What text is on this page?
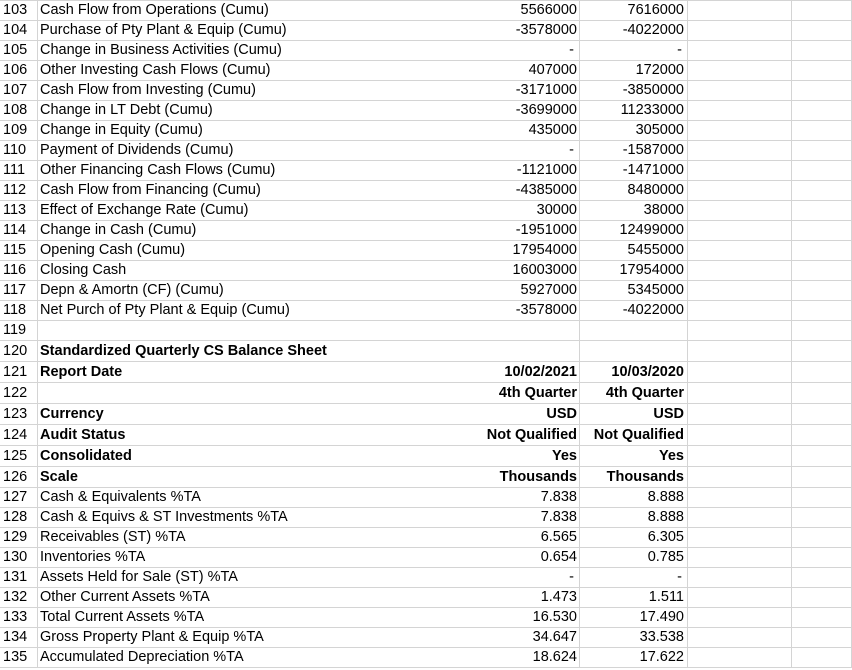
103 Cash Flow from Operations (Cumu)	5566000	7616000
104 Purchase of Pty Plant & Equip (Cumu)	-3578000	-4022000
105 Change in Business Activities (Cumu)	-	-
106 Other Investing Cash Flows (Cumu)	407000	172000
107 Cash Flow from Investing (Cumu)	-3171000	-3850000
108 Change in LT Debt (Cumu)	-3699000	11233000
109 Change in Equity (Cumu)	435000	305000
110 Payment of Dividends (Cumu)	-	-1587000
111	Other Financing Cash Flows (Cumu)	-1121000	-1471000
112 Cash Flow from Financing (Cumu)	-4385000	8480000
113 Effect of Exchange Rate (Cumu)	30000	38000
114 Change in Cash (Cumu)	-1951000	12499000
115 Opening Cash (Cumu)	17954000	5455000
116 Closing Cash	16003000	17954000
117 Depn & Amortn (CF) (Cumu)	5927000	5345000
118 Net Purch of Pty Plant & Equip (Cumu)	-3578000	-4022000
119
120 Standardized Quarterly CS Balance Sheet
121 Report Date	10/02/2021	10/03/2020
122	4th Quarter	4th Quarter
123 Currency	USD	USD
124 Audit Status	Not Qualified	Not Qualified
125 Consolidated	Yes	Yes
126 Scale	Thousands	Thousands
127 Cash & Equivalents %TA	7.838	8.888
128 Cash & Equivs & ST Investments %TA	7.838	8.888
129 Receivables (ST) %TA	6.565	6.305
130 Inventories %TA	0.654	0.785
131 Assets Held for Sale (ST) %TA	-	-
132 Other Current Assets %TA	1.473	1.511
133 Total Current Assets %TA	16.530	17.490
134 Gross Property Plant & Equip %TA	34.647	33.538
135 Accumulated Depreciation %TA	18.624	17.622
